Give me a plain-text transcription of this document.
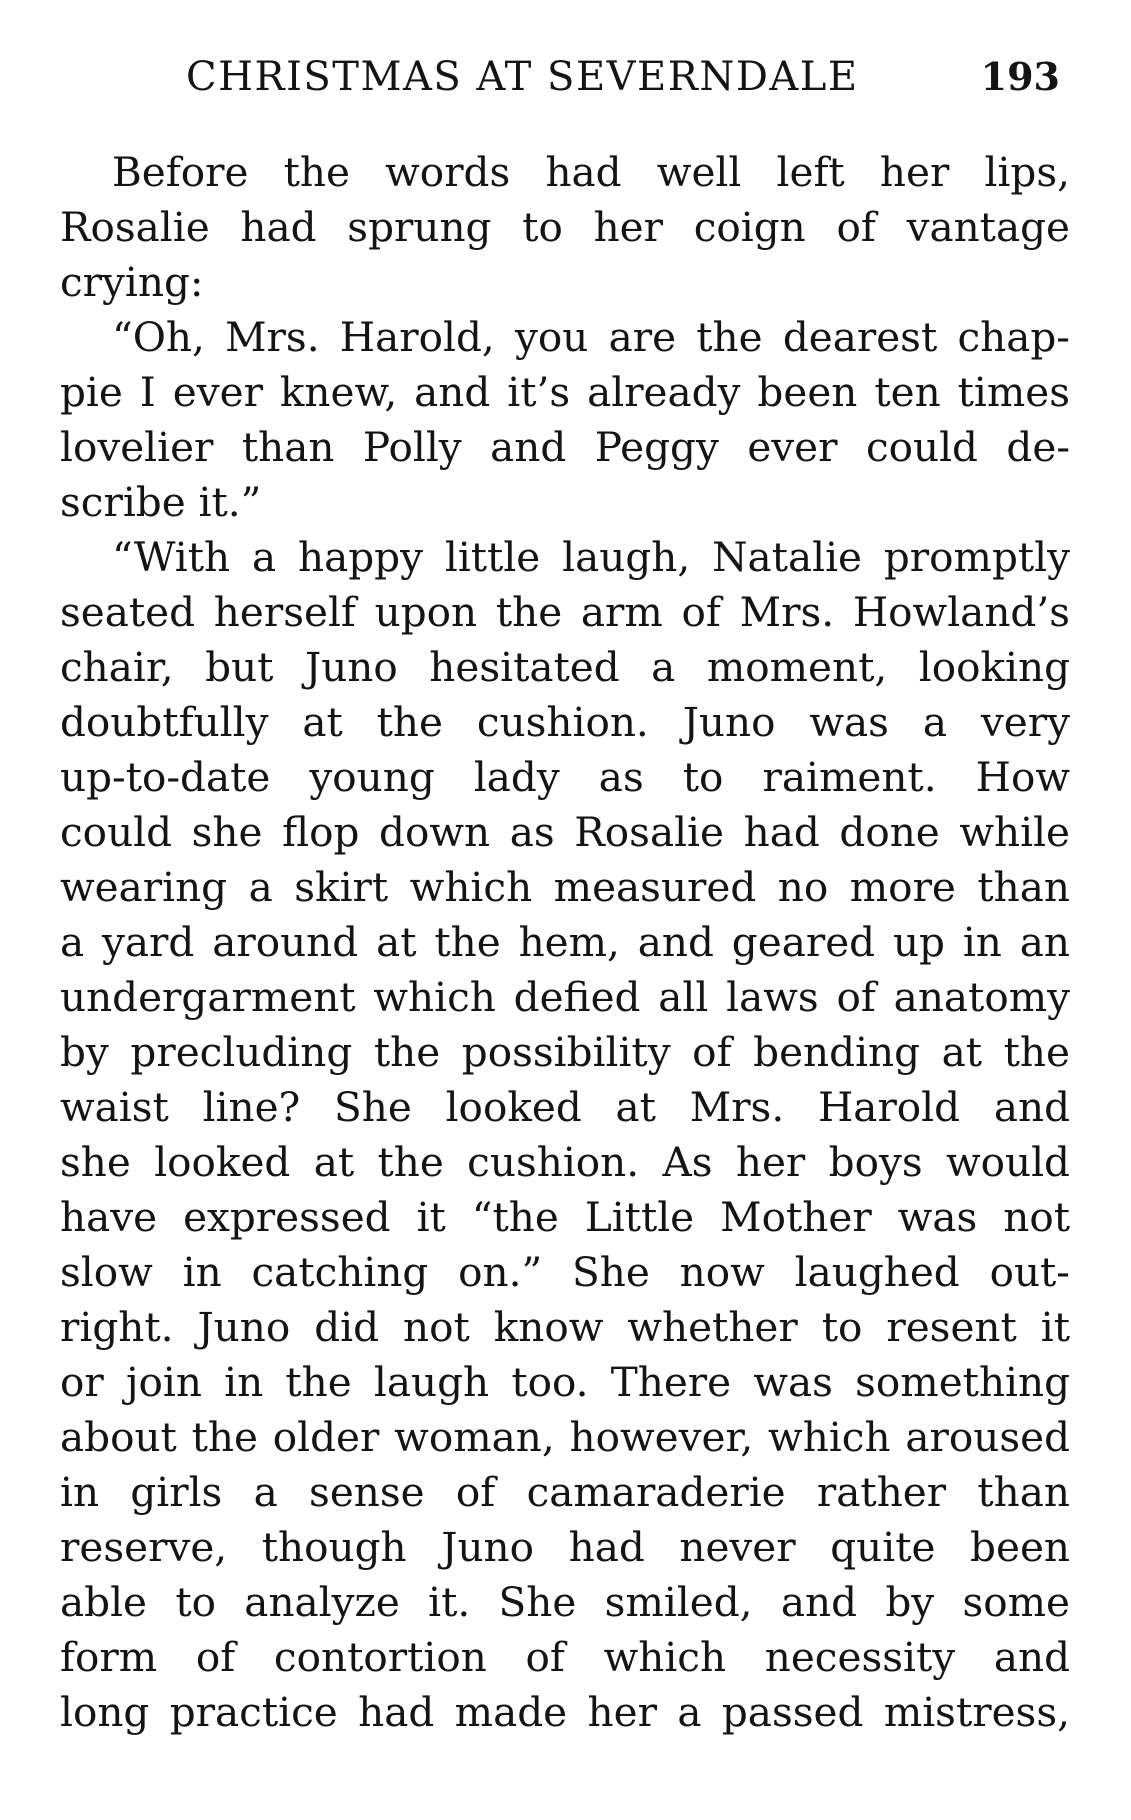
CHRISTMAS AT SEVERNDALE	193
Before the words had well left her lips,
Rosalie had sprung to her coign of vantage
crying:
“Oh, Mrs. Harold, you are the dearest chap-
pie I ever knew, and it’s already been ten times
lovelier than Polly and Peggy ever could de-
scribe it.”
“With a happy little laugh, Natalie promptly
seated herself upon the arm of Mrs. Howland’s
chair, but Juno hesitated a moment, looking
doubtfully at the cushion. Juno was a very
up-to-date young lady as to raiment. How
could she flop down as Rosalie had done while
wearing a skirt which measured no more than
a yard around at the hem, and geared up in an
undergarment which defied all laws of anatomy
by precluding the possibility of bending at the
waist line? She looked at Mrs. Harold and
she looked at the cushion. As her boys would
have expressed it “the Little Mother was not
slow in catching on.” She now laughed out-
right. Juno did not know whether to resent it
or join in the laugh too. There was something
about the older woman, however, which aroused
in girls a sense of camaraderie rather than
reserve, though Juno had never quite been
able to analyze it. She smiled, and by some
form of contortion of which necessity and
long practice had made her a passed mistress,
